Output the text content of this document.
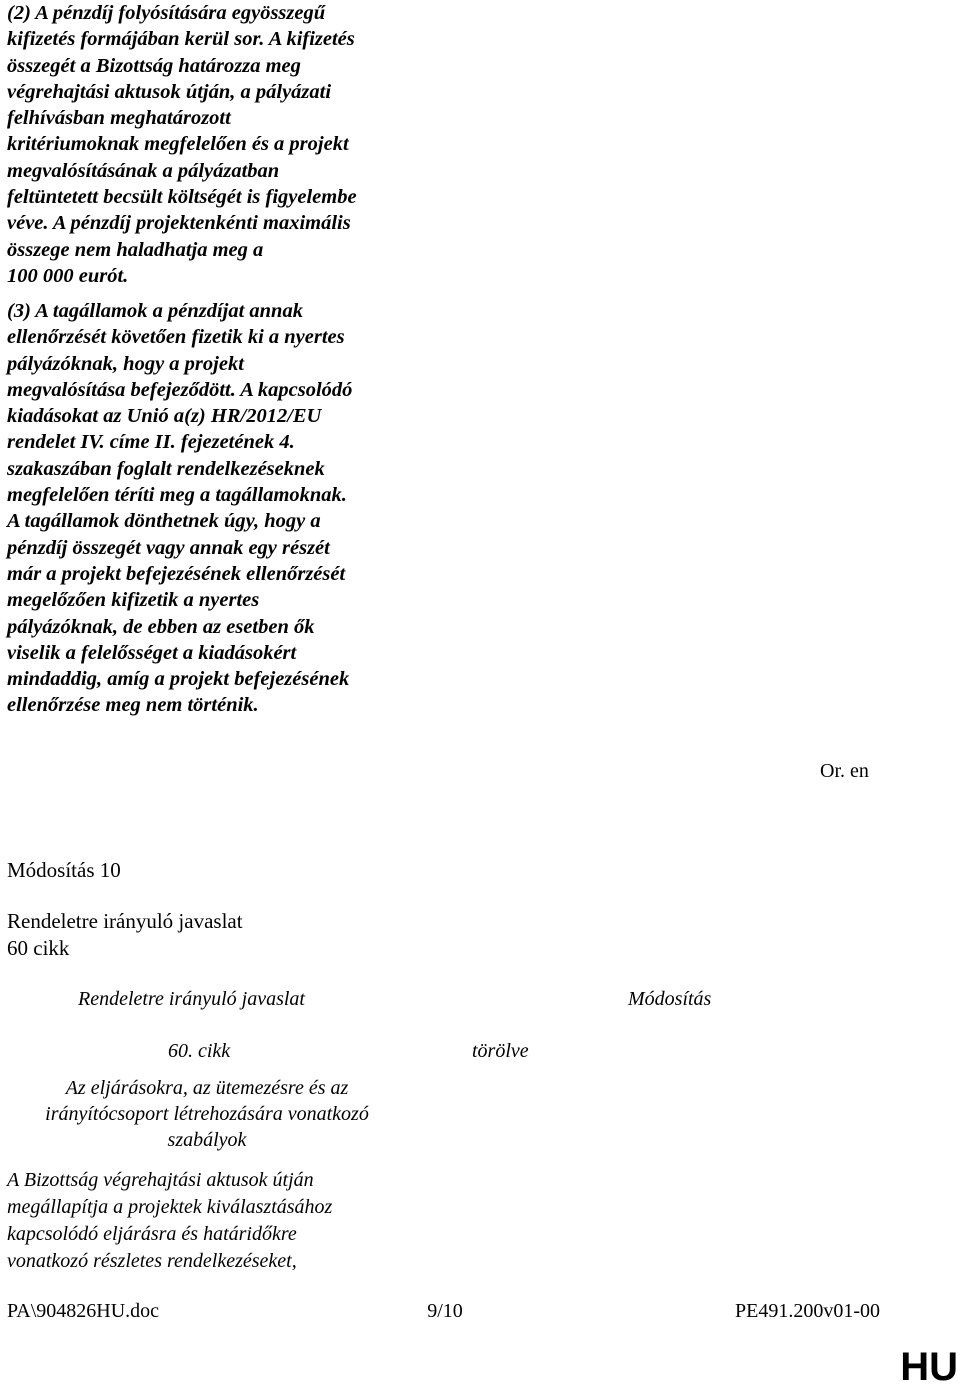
(2) A pénzdíj folyósítására egyösszegű
kifizetés formájában kerül sor. A kifizetés
összegét a Bizottság határozza meg
végrehajtási aktusok útján, a pályázati
felhívásban meghatározott
kritériumoknak megfelelően és a projekt
megvalósításának a pályázatban
feltüntetett becsült költségét is figyelembe
véve. A pénzdíj projektenkénti maximális
összege nem haladhatja meg a
100 000 eurót.

(3) A tagállamok a pénzdíjat annak
ellenőrzését követően fizetik ki a nyertes
pályázóknak, hogy a projekt
megvalósítása befejeződött. A kapcsolódó
kiadásokat az Unió a(z) HR/2012/EU
rendelet IV. címe II. fejezetének 4.
szakaszában foglalt rendelkezéseknek
megfelelően téríti meg a tagállamoknak.
A tagállamok dönthetnek úgy, hogy a
pénzdíj összegét vagy annak egy részét
már a projekt befejezésének ellenőrzését
megelőzően kifizetik a nyertes
pályázóknak, de ebben az esetben ők
viselik a felelősséget a kiadásokért
mindaddig, amíg a projekt befejezésének
ellenőrzése meg nem történik.

Or. en
Módosítás 10
Rendeletre irányuló javaslat
60 cikk
Rendeletre irányuló javaslat	Módosítás
60. cikk	törölve
Az eljárásokra, az ütemezésre és az
irányítócsoport létrehozására vonatkozó
szabályok
A Bizottság végrehajtási aktusok útján
megállapítja a projektek kiválasztásához
kapcsolódó eljárásra és határidőkre
vonatkozó részletes rendelkezéseket,
PA\904826HU.doc	9/10	PE491.200v01-00
HU
